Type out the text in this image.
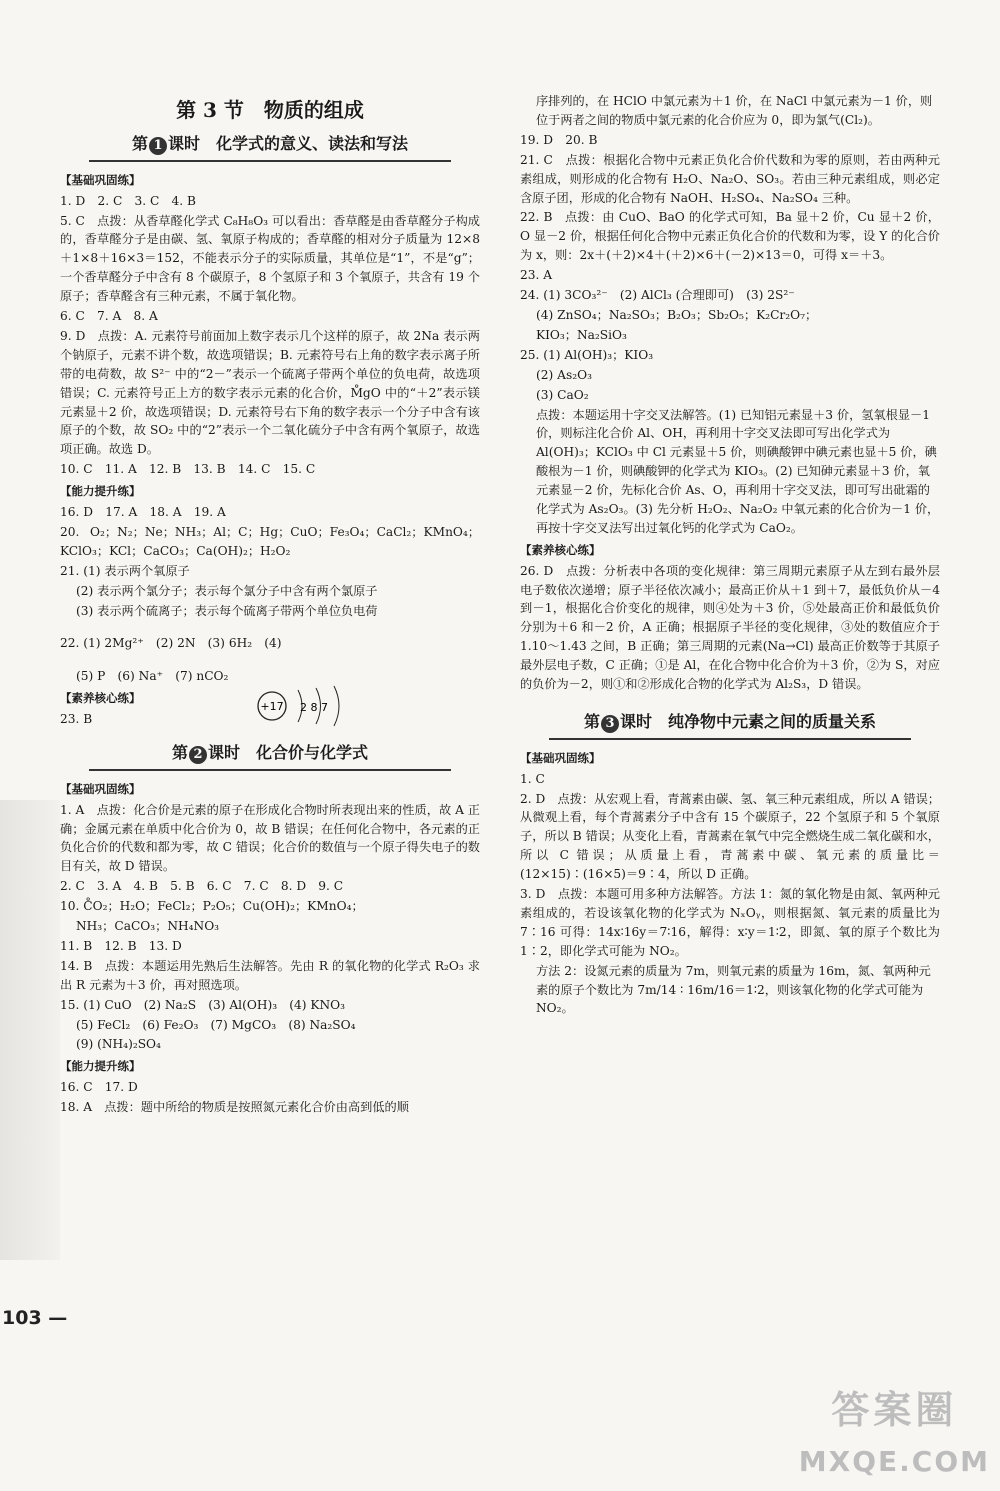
第 3 节　物质的组成
第 1 课时　化学式的意义、读法和写法
【基础巩固练】

1. D　2. C　3. C　4. B

5. C　点拨：从香草醛化学式 C₈H₈O₃ 可以看出：香草醛是由香草醛分子构成的，香草醛分子是由碳、氢、氧原子构成的；香草醛的相对分子质量为 12×8＋1×8＋16×3＝152，不能表示分子的实际质量，其单位是“1”，不是“g”；一个香草醛分子中含有 8 个碳原子，8 个氢原子和 3 个氧原子，共含有 19 个原子；香草醛含有三种元素，不属于氧化物。

6. C　7. A　8. A

9. D　点拨：A. 元素符号前面加上数字表示几个这样的原子，故 2Na 表示两个钠原子，元素不讲个数，故选项错误；B. 元素符号右上角的数字表示离子所带的电荷数，故 S²⁻ 中的“2－”表示一个硫离子带两个单位的负电荷，故选项错误；C. 元素符号正上方的数字表示元素的化合价，M̊gO 中的“＋2”表示镁元素显＋2 价，故选项错误；D. 元素符号右下角的数字表示一个分子中含有该原子的个数，故 SO₂ 中的“2”表示一个二氧化硫分子中含有两个氧原子，故选项正确。故选 D。

10. C　11. A　12. B　13. B　14. C　15. C

【能力提升练】

16. D　17. A　18. A　19. A

20. O₂；N₂；Ne；NH₃；Al；C；Hg；CuO；Fe₃O₄；CaCl₂；KMnO₄；KClO₃；KCl；CaCO₃；Ca(OH)₂；H₂O₂

21. (1) 表示两个氧原子

(2) 表示两个氯分子；表示每个氯分子中含有两个氯原子

(3) 表示两个硫离子；表示每个硫离子带两个单位负电荷

22. (1) 2Mg²⁺　(2) 2N　(3) 6H₂　(4)

(5) P　(6) Na⁺　(7) nCO₂

【素养核心练】

23. B

第 2 课时　化合价与化学式
【基础巩固练】

1. A　点拨：化合价是元素的原子在形成化合物时所表现出来的性质，故 A 正确；金属元素在单质中化合价为 0，故 B 错误；在任何化合物中，各元素的正负化合价的代数和都为零，故 C 错误；化合价的数值与一个原子得失电子的数目有关，故 D 错误。

2. C　3. A　4. B　5. B　6. C　7. C　8. D　9. C

10. C̊O₂；H₂O；FeCl₂；P₂O₅；Cu(OH)₂；KMnO₄；

NH₃；CaCO₃；NH₄NO₃

11. B　12. B　13. D

14. B　点拨：本题运用先熟后生法解答。先由 R 的氧化物的化学式 R₂O₃ 求出 R 元素为＋3 价，再对照选项。

15. (1) CuO　(2) Na₂S　(3) Al(OH)₃　(4) KNO₃

(5) FeCl₂　(6) Fe₂O₃　(7) MgCO₃　(8) Na₂SO₄

(9) (NH₄)₂SO₄

【能力提升练】

16. C　17. D

18. A　点拨：题中所给的物质是按照氮元素化合价由高到低的顺

+17 2 8 7

序排列的，在 HClO 中氯元素为＋1 价，在 NaCl 中氯元素为－1 价，则位于两者之间的物质中氯元素的化合价应为 0，即为氯气(Cl₂)。

19. D　20. B

21. C　点拨：根据化合物中元素正负化合价代数和为零的原则，若由两种元素组成，则形成的化合物有 H₂O、Na₂O、SO₃。若由三种元素组成，则必定含原子团，形成的化合物有 NaOH、H₂SO₄、Na₂SO₄ 三种。

22. B　点拨：由 CuO、BaO 的化学式可知，Ba 显＋2 价，Cu 显＋2 价，O 显－2 价，根据任何化合物中元素正负化合价的代数和为零，设 Y 的化合价为 x，则：2x＋(＋2)×4＋(＋2)×6＋(－2)×13＝0，可得 x＝＋3。

23. A

24. (1) 3CO₃²⁻　(2) AlCl₃ (合理即可)　(3) 2S²⁻

(4) ZnSO₄；Na₂SO₃；B₂O₃；Sb₂O₅；K₂Cr₂O₇；

KIO₃；Na₂SiO₃

25. (1) Al(OH)₃；KIO₃

(2) As₂O₃

(3) CaO₂

点拨：本题运用十字交叉法解答。(1) 已知铝元素显＋3 价，氢氧根显－1 价，则标注化合价 Al、OH，再利用十字交叉法即可写出化学式为 Al(OH)₃；KClO₃ 中 Cl 元素显＋5 价，则碘酸钾中碘元素也显＋5 价，碘酸根为－1 价，则碘酸钾的化学式为 KIO₃。(2) 已知砷元素显＋3 价，氧元素显－2 价，先标化合价 As、O，再利用十字交叉法，即可写出砒霜的化学式为 As₂O₃。(3) 先分析 H₂O₂、Na₂O₂ 中氧元素的化合价为－1 价，再按十字交叉法写出过氧化钙的化学式为 CaO₂。

【素养核心练】

26. D　点拨：分析表中各项的变化规律：第三周期元素原子从左到右最外层电子数依次递增；原子半径依次减小；最高正价从＋1 到＋7，最低负价从－4 到－1，根据化合价变化的规律，则④处为＋3 价，⑤处最高正价和最低负价分别为＋6 和－2 价，A 正确；根据原子半径的变化规律，③处的数值应介于 1.10～1.43 之间，B 正确；第三周期的元素(Na→Cl) 最高正价数等于其原子最外层电子数，C 正确；①是 Al，在化合物中化合价为＋3 价，②为 S，对应的负价为－2，则①和②形成化合物的化学式为 Al₂S₃，D 错误。

第 3 课时　纯净物中元素之间的质量关系
【基础巩固练】

1. C

2. D　点拨：从宏观上看，青蒿素由碳、氢、氧三种元素组成，所以 A 错误；从微观上看，每个青蒿素分子中含有 15 个碳原子，22 个氢原子和 5 个氧原子，所以 B 错误；从变化上看，青蒿素在氧气中完全燃烧生成二氧化碳和水，所以 C 错误；从质量上看，青蒿素中碳、氧元素的质量比＝(12×15)∶(16×5)＝9∶4，所以 D 正确。

3. D　点拨：本题可用多种方法解答。方法 1：氮的氧化物是由氮、氧两种元素组成的，若设该氧化物的化学式为 NₓOᵧ，则根据氮、氧元素的质量比为 7∶16 可得：14x∶16y＝7∶16，解得：x∶y＝1∶2，即氮、氧的原子个数比为 1∶2，即化学式可能为 NO₂。

方法 2：设氮元素的质量为 7m，则氧元素的质量为 16m，氮、氧两种元素的原子个数比为 7m/14 ∶ 16m/16＝1∶2，则该氧化物的化学式可能为 NO₂。

103 —
答案圈
MXQE.COM
